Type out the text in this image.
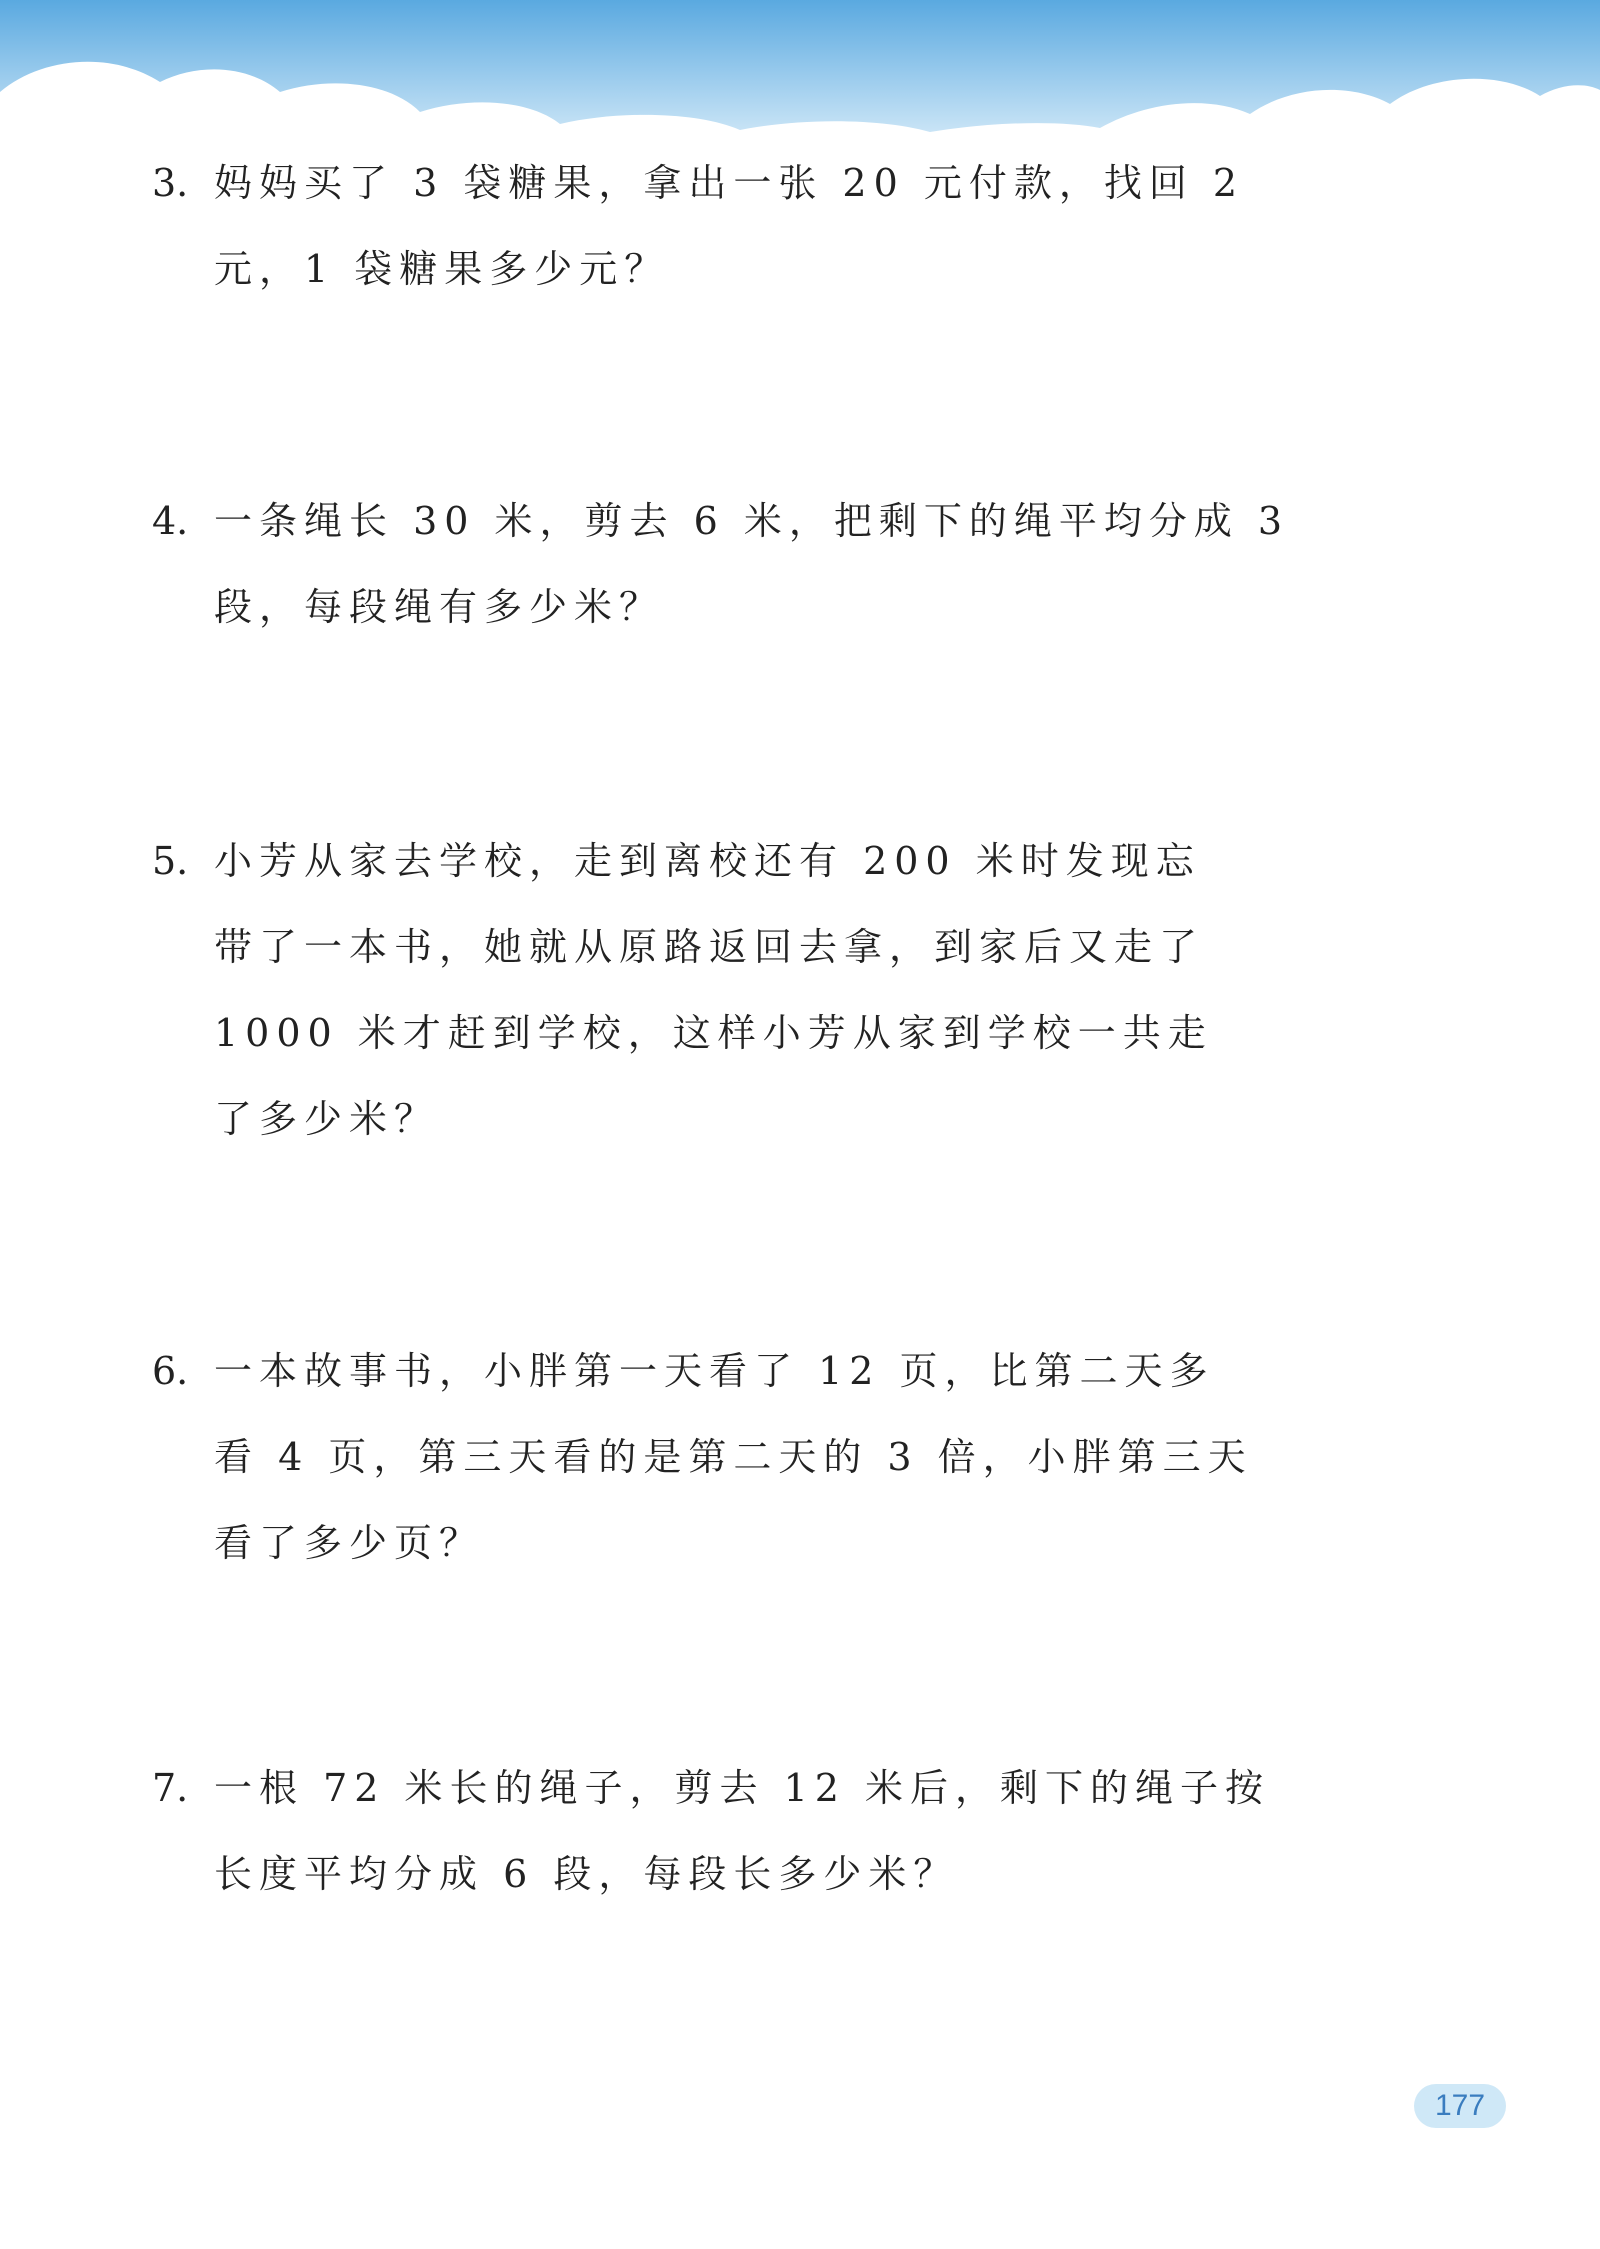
3. 妈妈买了 3 袋糖果，拿出一张 20 元付款，找回 2
元，1 袋糖果多少元？
4. 一条绳长 30 米，剪去 6 米，把剩下的绳平均分成 3
段，每段绳有多少米？
5. 小芳从家去学校，走到离校还有 200 米时发现忘
带了一本书，她就从原路返回去拿，到家后又走了
1000 米才赶到学校，这样小芳从家到学校一共走
了多少米？
6. 一本故事书，小胖第一天看了 12 页，比第二天多
看 4 页，第三天看的是第二天的 3 倍，小胖第三天
看了多少页？
7. 一根 72 米长的绳子，剪去 12 米后，剩下的绳子按
长度平均分成 6 段，每段长多少米？
177
